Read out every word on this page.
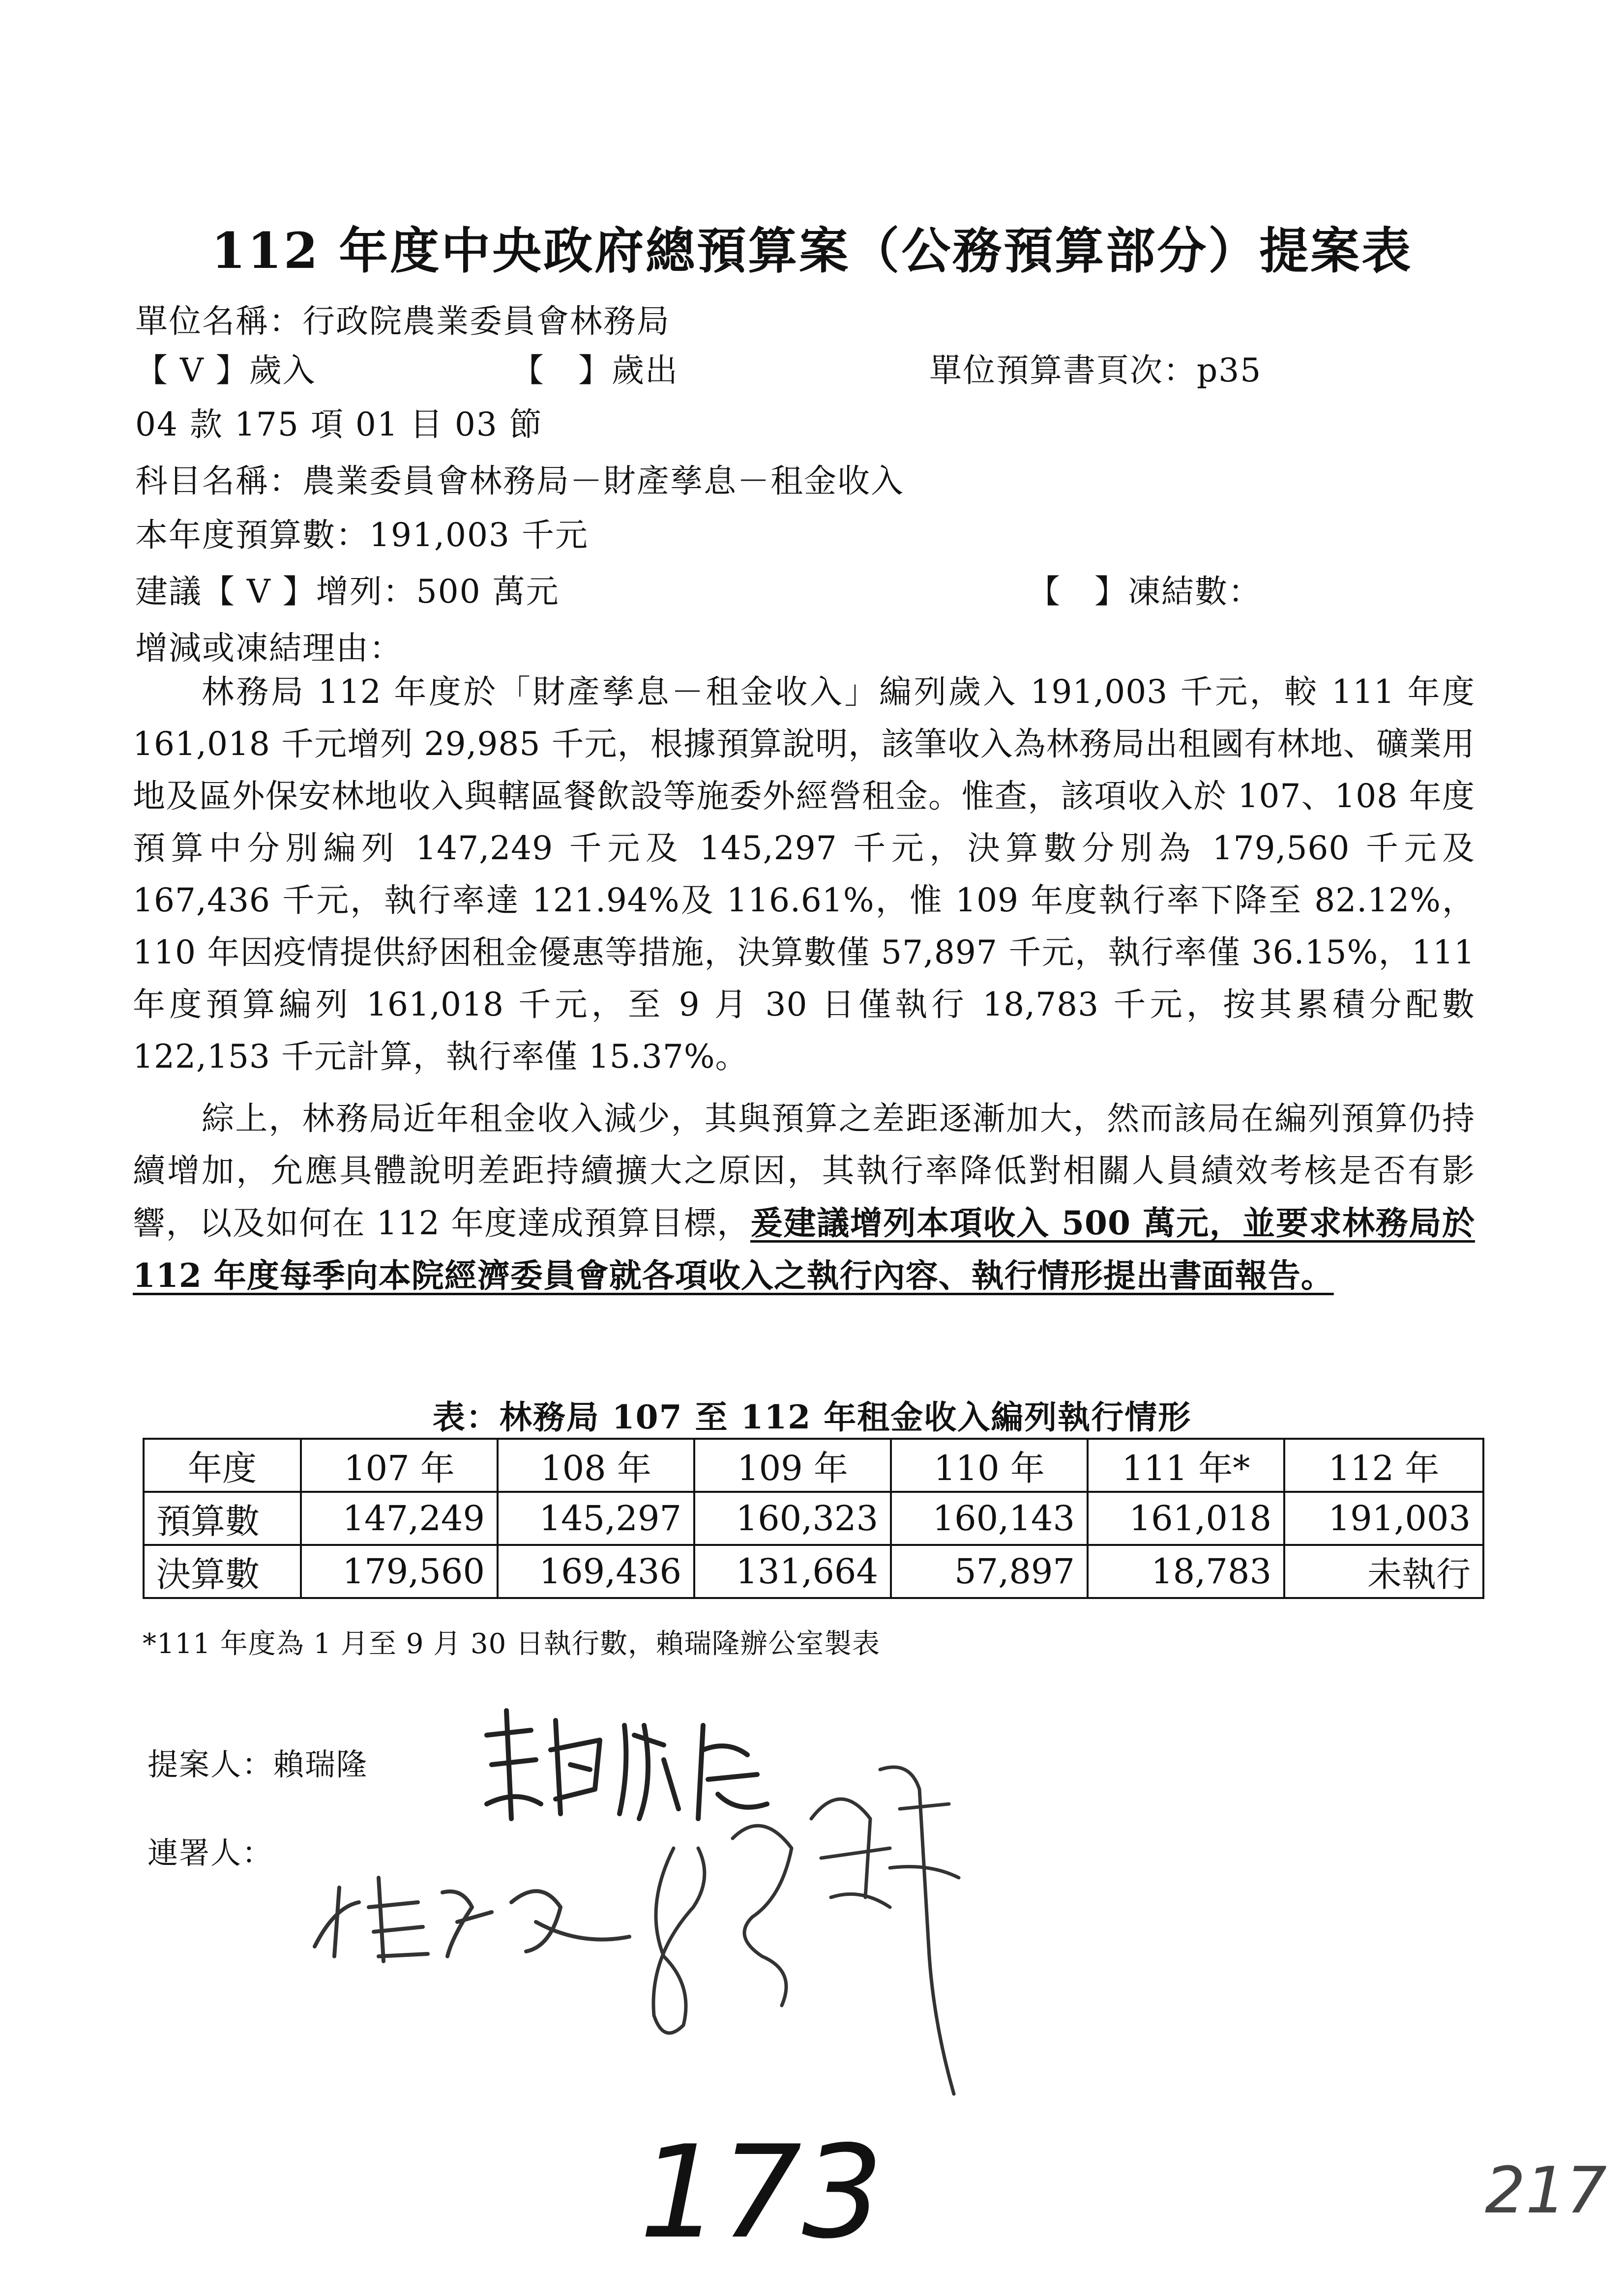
112 年度中央政府總預算案（公務預算部分）提案表
單位名稱：行政院農業委員會林務局
【 V 】歲入	【　】歲出	單位預算書頁次：p35
04 款 175 項 01 目 03 節
科目名稱：農業委員會林務局－財產孳息－租金收入
本年度預算數：191,003 千元
建議【 V 】增列：500 萬元	【　】凍結數：
增減或凍結理由：

林務局 112 年度於「財產孳息－租金收入」編列歲入 191,003 千元，較 111 年度 161,018 千元增列 29,985 千元，根據預算說明，該筆收入為林務局出租國有林地、礦業用地及區外保安林地收入與轄區餐飲設等施委外經營租金。惟查，該項收入於 107、108 年度預算中分別編列 147,249 千元及 145,297 千元，決算數分別為 179,560 千元及 167,436 千元，執行率達 121.94%及 116.61%，惟 109 年度執行率下降至 82.12%，110 年因疫情提供紓困租金優惠等措施，決算數僅 57,897 千元，執行率僅 36.15%，111 年度預算編列 161,018 千元，至 9 月 30 日僅執行 18,783 千元，按其累積分配數 122,153 千元計算，執行率僅 15.37%。

綜上，林務局近年租金收入減少，其與預算之差距逐漸加大，然而該局在編列預算仍持續增加，允應具體說明差距持續擴大之原因，其執行率降低對相關人員績效考核是否有影響，以及如何在 112 年度達成預算目標，爰建議增列本項收入 500 萬元，並要求林務局於 112 年度每季向本院經濟委員會就各項收入之執行內容、執行情形提出書面報告。

表：林務局 107 至 112 年租金收入編列執行情形
年度	107 年	108 年	109 年	110 年	111 年*	112 年
預算數	147,249	145,297	160,323	160,143	161,018	191,003
決算數	179,560	169,436	131,664	57,897	18,783	未執行
*111 年度為 1 月至 9 月 30 日執行數，賴瑞隆辦公室製表
提案人：賴瑞隆
連署人：
173	217
